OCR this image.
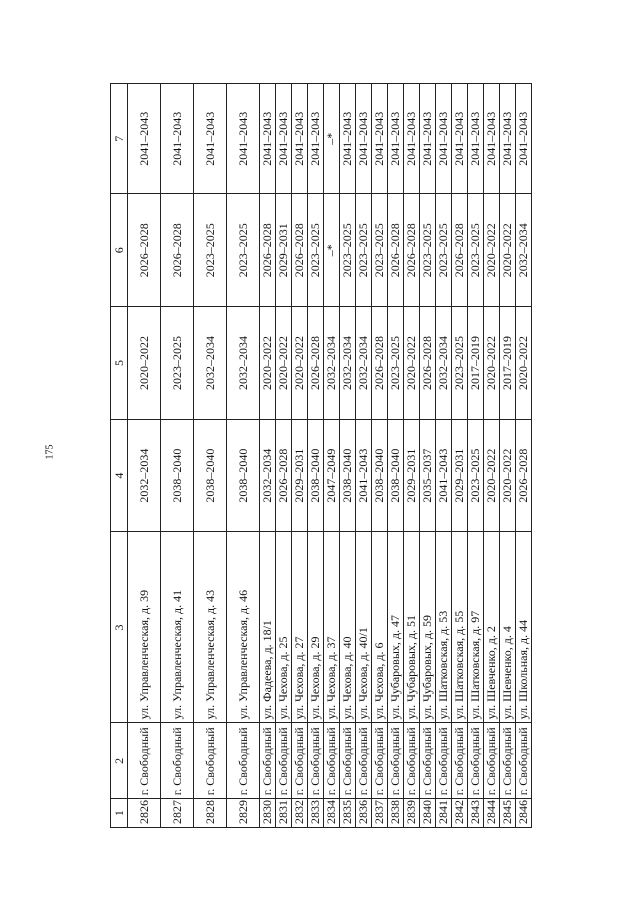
175
1	2	3	4	5	6	7
2826	г. Свободный	ул. Управленческая, д. 39	2032–2034	2020–2022	2026–2028	2041–2043
2827	г. Свободный	ул. Управленческая, д. 41	2038–2040	2023–2025	2026–2028	2041–2043
2828	г. Свободный	ул. Управленческая, д. 43	2038–2040	2032–2034	2023–2025	2041–2043
2829	г. Свободный	ул. Управленческая, д. 46	2038–2040	2032–2034	2023–2025	2041–2043
2830	г. Свободный	ул. Фадеева, д. 18/1	2032–2034	2020–2022	2026–2028	2041–2043
2831	г. Свободный	ул. Чехова, д. 25	2026–2028	2020–2022	2029–2031	2041–2043
2832	г. Свободный	ул. Чехова, д. 27	2029–2031	2020–2022	2026–2028	2041–2043
2833	г. Свободный	ул. Чехова, д. 29	2038–2040	2026–2028	2023–2025	2041–2043
2834	г. Свободный	ул. Чехова, д. 37	2047–2049	2032–2034	–*	–*
2835	г. Свободный	ул. Чехова, д. 40	2038–2040	2032–2034	2023–2025	2041–2043
2836	г. Свободный	ул. Чехова, д. 40/1	2041–2043	2032–2034	2023–2025	2041–2043
2837	г. Свободный	ул. Чехова, д. 6	2038–2040	2026–2028	2023–2025	2041–2043
2838	г. Свободный	ул. Чубаровых, д. 47	2038–2040	2023–2025	2026–2028	2041–2043
2839	г. Свободный	ул. Чубаровых, д. 51	2029–2031	2020–2022	2026–2028	2041–2043
2840	г. Свободный	ул. Чубаровых, д. 59	2035–2037	2026–2028	2023–2025	2041–2043
2841	г. Свободный	ул. Шатковская, д. 53	2041–2043	2032–2034	2023–2025	2041–2043
2842	г. Свободный	ул. Шатковская, д. 55	2029–2031	2023–2025	2026–2028	2041–2043
2843	г. Свободный	ул. Шатковская, д. 97	2023–2025	2017–2019	2023–2025	2041–2043
2844	г. Свободный	ул. Шевченко, д. 2	2020–2022	2020–2022	2020–2022	2041–2043
2845	г. Свободный	ул. Шевченко, д. 4	2020–2022	2017–2019	2020–2022	2041–2043
2846	г. Свободный	ул. Школьная, д. 44	2026–2028	2020–2022	2032–2034	2041–2043
